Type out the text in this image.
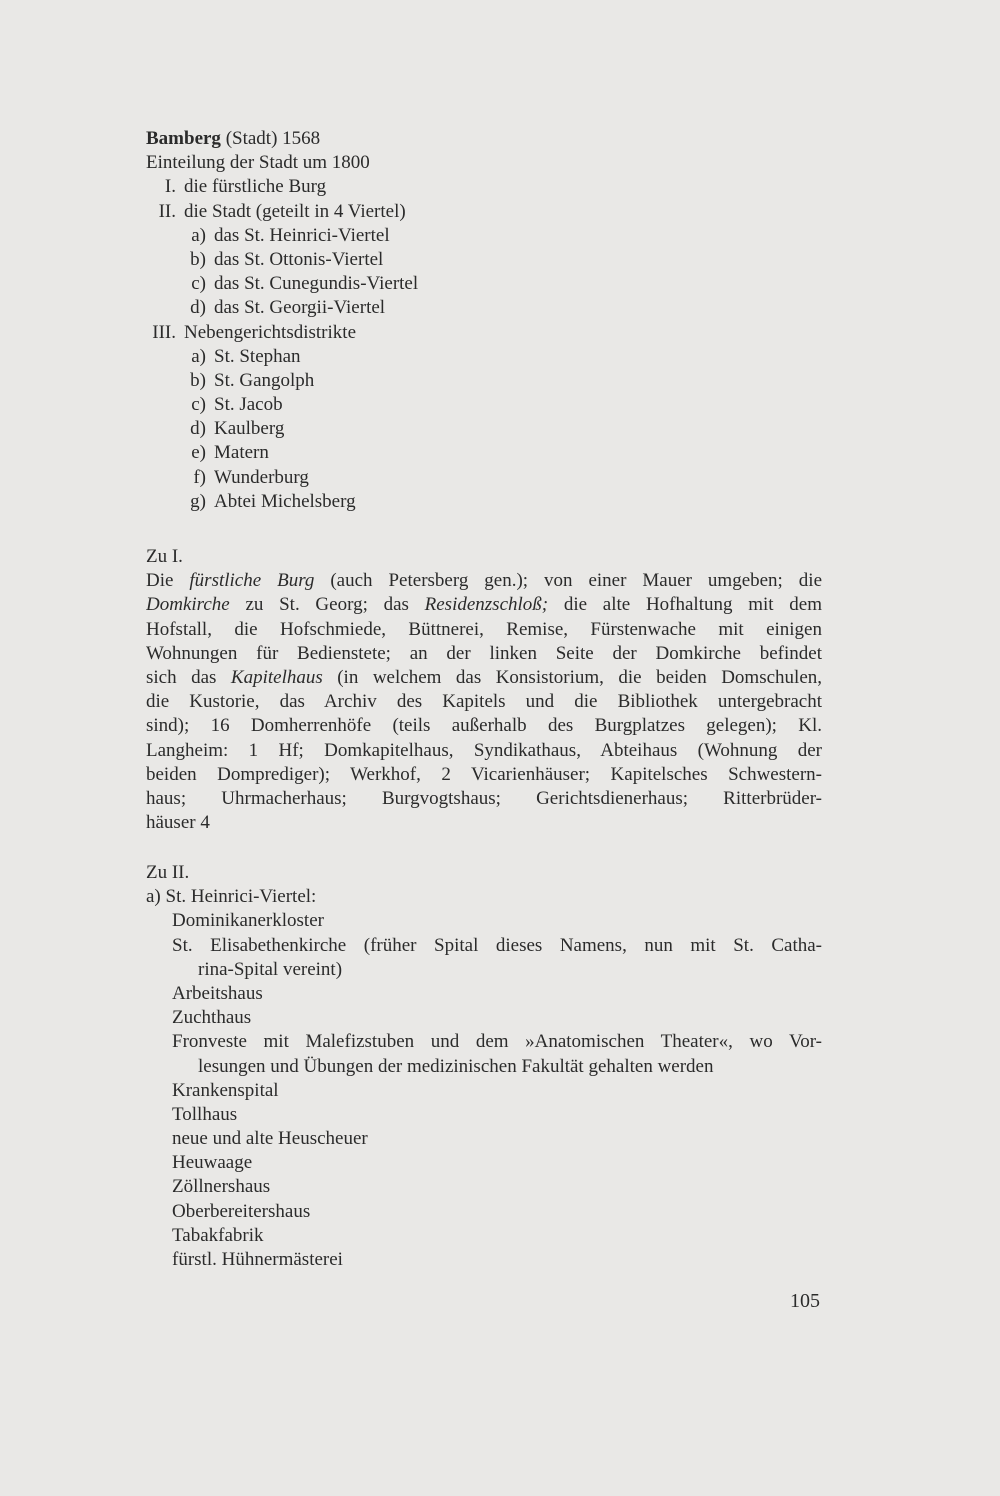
Bamberg (Stadt) 1568
Einteilung der Stadt um 1800
I. die fürstliche Burg
II. die Stadt (geteilt in 4 Viertel)
a) das St. Heinrici-Viertel
b) das St. Ottonis-Viertel
c) das St. Cunegundis-Viertel
d) das St. Georgii-Viertel
III. Nebengerichtsdistrikte
a) St. Stephan
b) St. Gangolph
c) St. Jacob
d) Kaulberg
e) Matern
f) Wunderburg
g) Abtei Michelsberg
Zu I.
Die fürstliche Burg (auch Petersberg gen.); von einer Mauer umgeben; die
Domkirche zu St. Georg; das Residenzschloß; die alte Hofhaltung mit dem
Hofstall, die Hofschmiede, Büttnerei, Remise, Fürstenwache mit einigen
Wohnungen für Bedienstete; an der linken Seite der Domkirche befindet
sich das Kapitelhaus (in welchem das Konsistorium, die beiden Domschulen,
die Kustorie, das Archiv des Kapitels und die Bibliothek untergebracht
sind); 16 Domherrenhöfe (teils außerhalb des Burgplatzes gelegen); Kl.
Langheim: 1 Hf; Domkapitelhaus, Syndikathaus, Abteihaus (Wohnung der
beiden Domprediger); Werkhof, 2 Vicarienhäuser; Kapitelsches Schwestern-
haus; Uhrmacherhaus; Burgvogtshaus; Gerichtsdienerhaus; Ritterbrüder-
häuser 4
Zu II.
a) St. Heinrici-Viertel:
Dominikanerkloster
St. Elisabethenkirche (früher Spital dieses Namens, nun mit St. Catha-
rina-Spital vereint)
Arbeitshaus
Zuchthaus
Fronveste mit Malefizstuben und dem »Anatomischen Theater«, wo Vor-
lesungen und Übungen der medizinischen Fakultät gehalten werden
Krankenspital
Tollhaus
neue und alte Heuscheuer
Heuwaage
Zöllnershaus
Oberbereitershaus
Tabakfabrik
fürstl. Hühnermästerei
105
